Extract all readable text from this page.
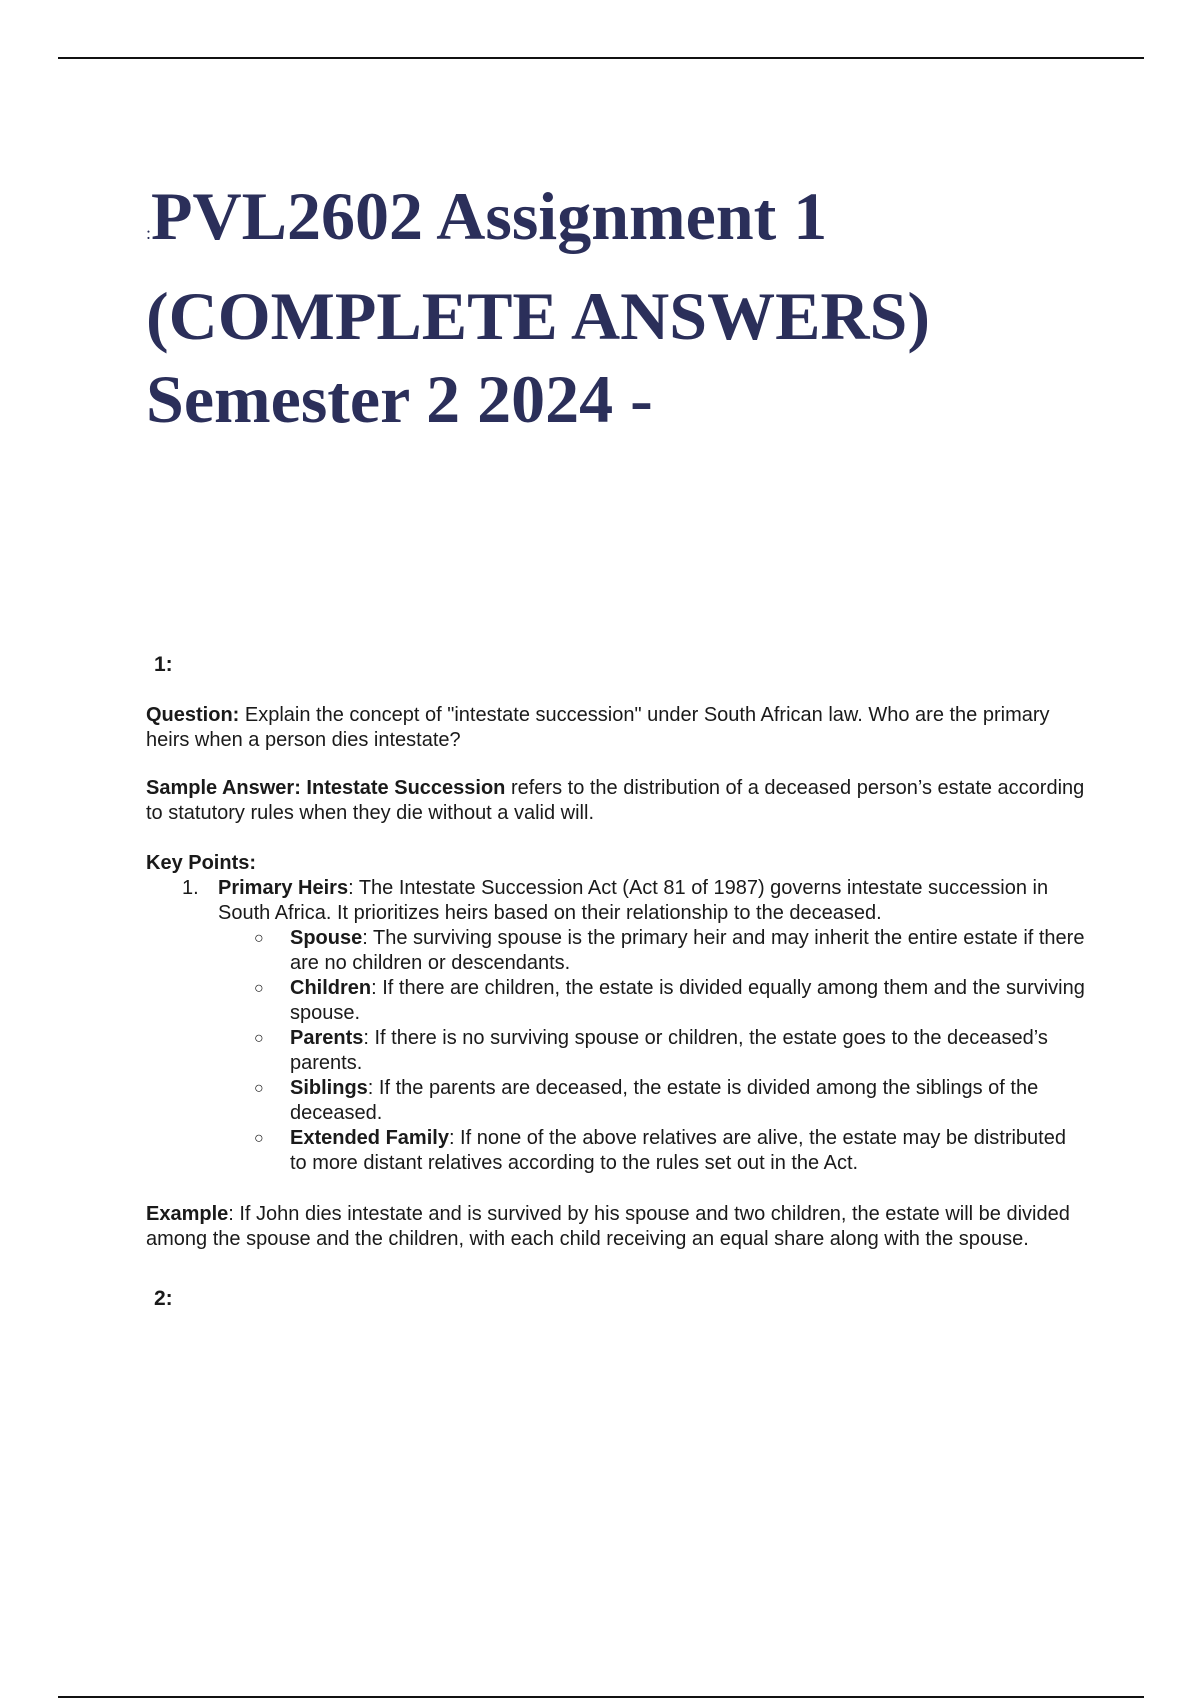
:PVL2602 Assignment 1
(COMPLETE ANSWERS)
Semester 2 2024 -

1:

Question: Explain the concept of "intestate succession" under South African law. Who are the primary heirs when a person dies intestate?

Sample Answer: Intestate Succession refers to the distribution of a deceased person’s estate according to statutory rules when they die without a valid will.

Key Points:

1. Primary Heirs: The Intestate Succession Act (Act 81 of 1987) governs intestate succession in South Africa. It prioritizes heirs based on their relationship to the deceased.
○ Spouse: The surviving spouse is the primary heir and may inherit the entire estate if there are no children or descendants.
○ Children: If there are children, the estate is divided equally among them and the surviving spouse.
○ Parents: If there is no surviving spouse or children, the estate goes to the deceased’s parents.
○ Siblings: If the parents are deceased, the estate is divided among the siblings of the deceased.
○ Extended Family: If none of the above relatives are alive, the estate may be distributed to more distant relatives according to the rules set out in the Act.

Example: If John dies intestate and is survived by his spouse and two children, the estate will be divided among the spouse and the children, with each child receiving an equal share along with the spouse.

2:
